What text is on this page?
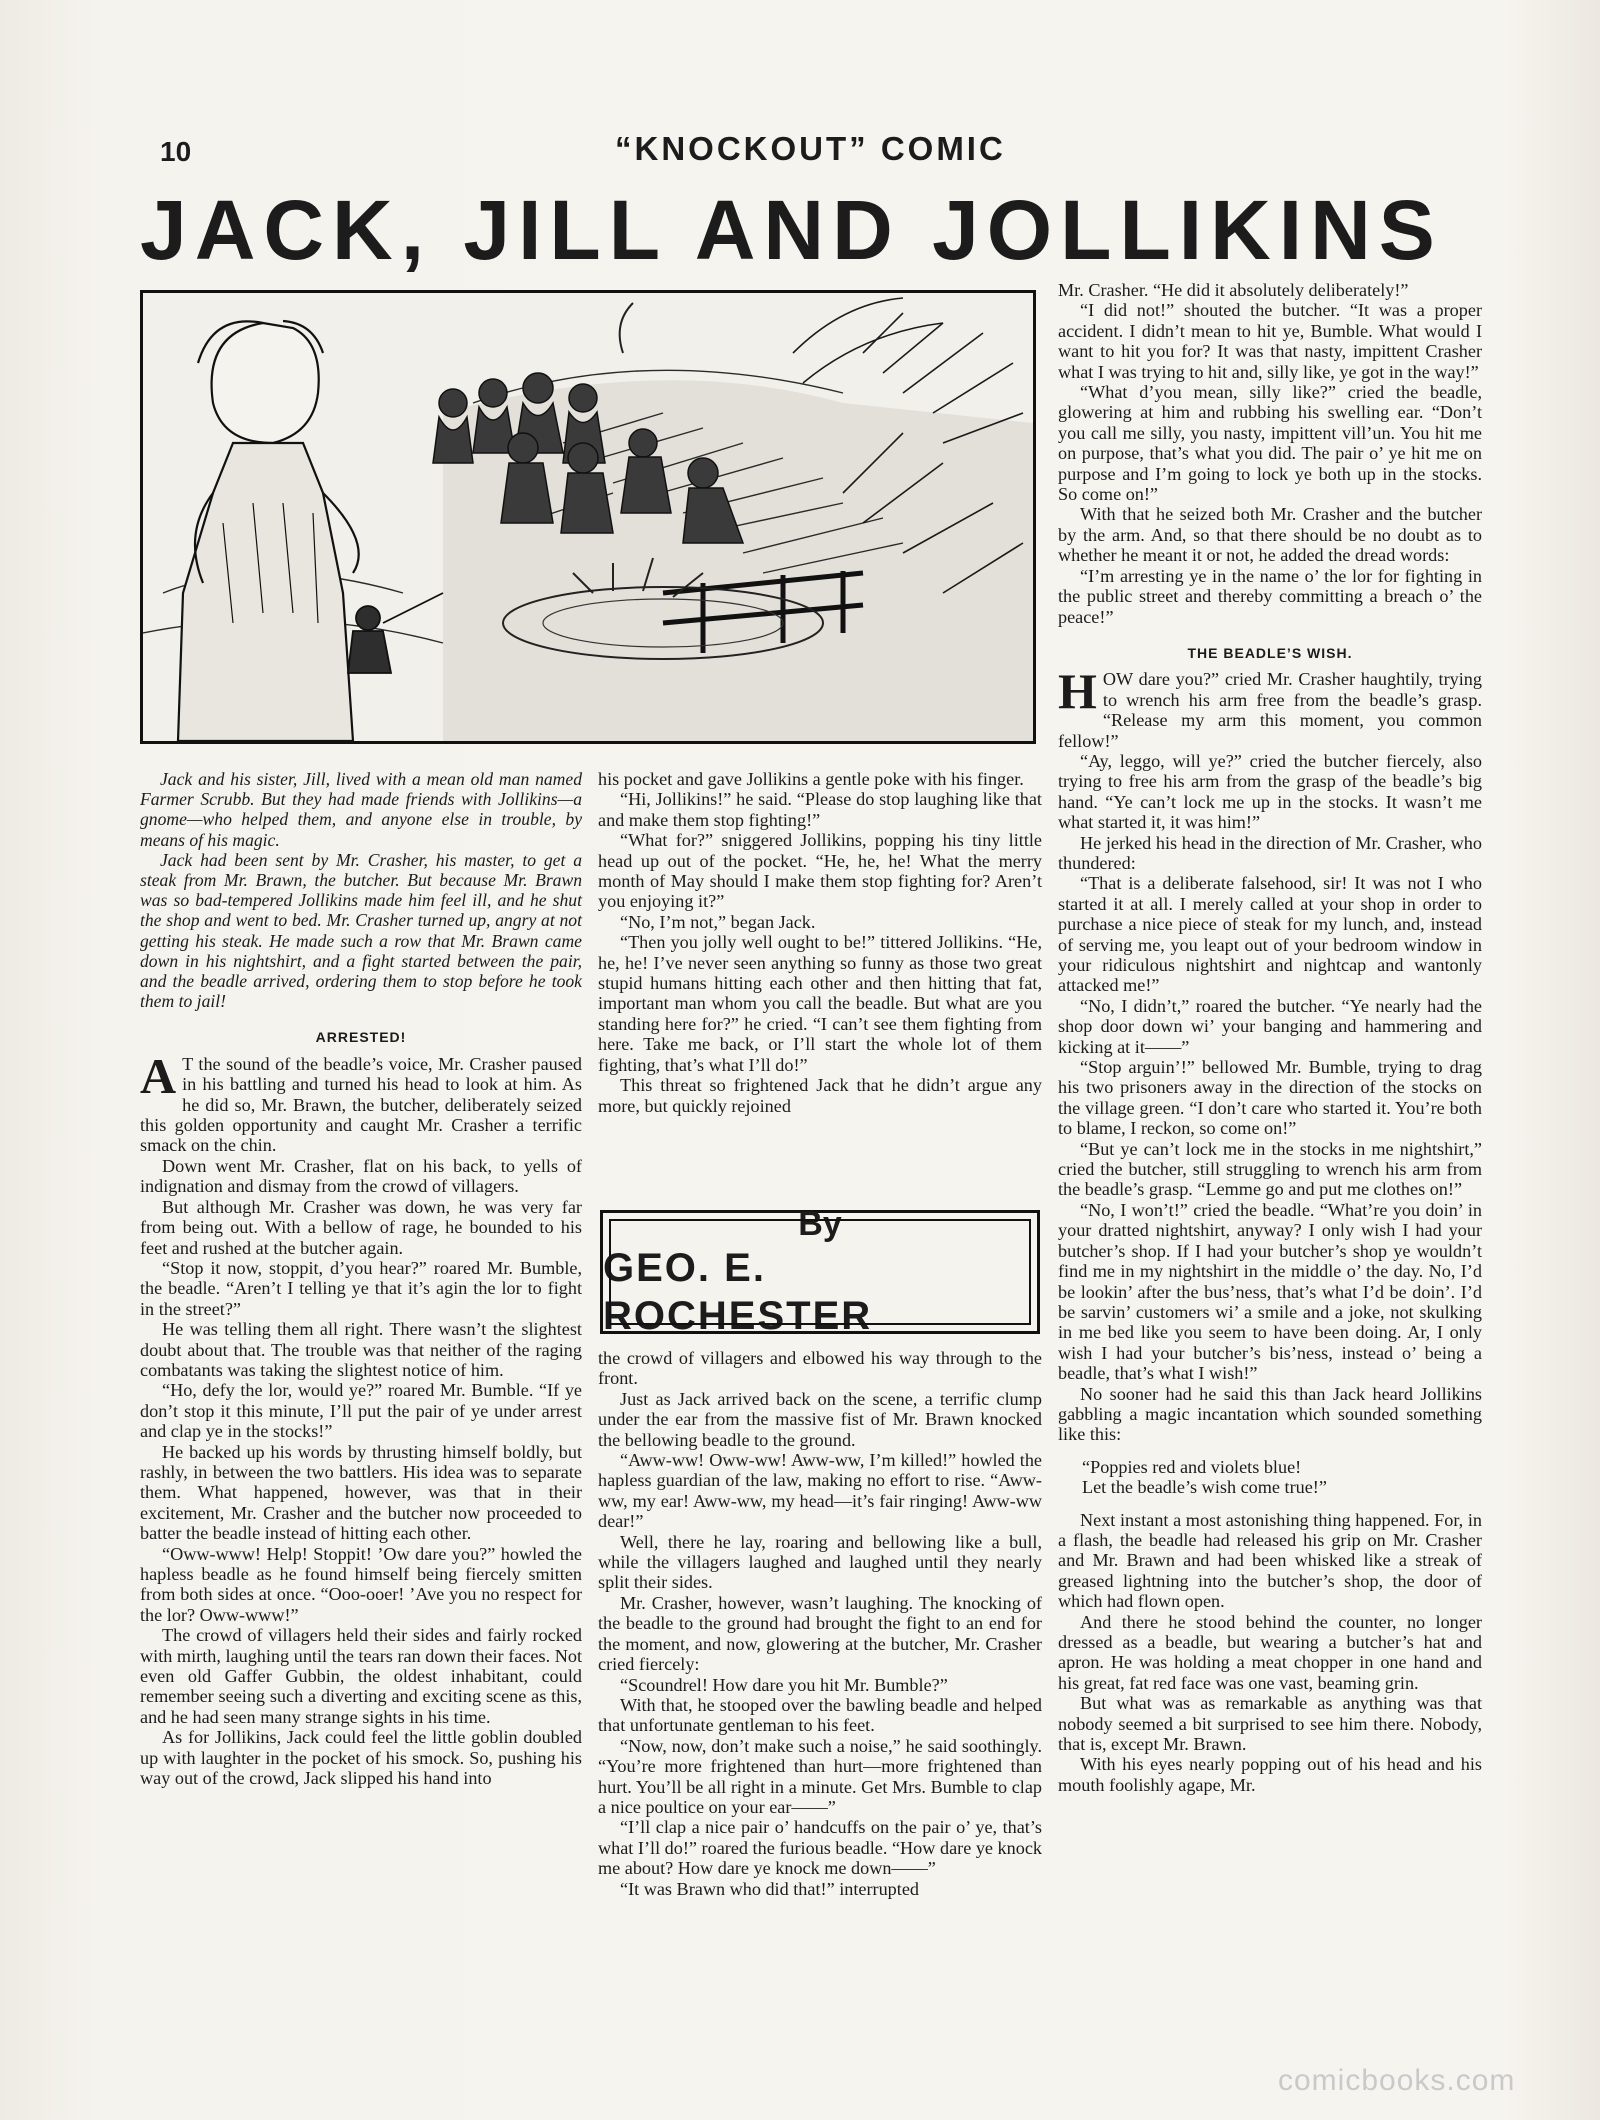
10	“KNOCKOUT” COMIC
JACK, JILL AND JOLLIKINS

Jack and his sister, Jill, lived with a mean old man named Farmer Scrubb. But they had made friends with Jollikins—a gnome—who helped them, and anyone else in trouble, by means of his magic.

Jack had been sent by Mr. Crasher, his master, to get a steak from Mr. Brawn, the butcher. But because Mr. Brawn was so bad-tempered Jollikins made him feel ill, and he shut the shop and went to bed. Mr. Crasher turned up, angry at not getting his steak. He made such a row that Mr. Brawn came down in his nightshirt, and a fight started between the pair, and the beadle arrived, ordering them to stop before he took them to jail!

ARRESTED!

A T the sound of the beadle’s voice, Mr. Crasher paused in his battling and turned his head to look at him. As he did so, Mr. Brawn, the butcher, deliberately seized this golden opportunity and caught Mr. Crasher a terrific smack on the chin.

Down went Mr. Crasher, flat on his back, to yells of indignation and dismay from the crowd of villagers.

But although Mr. Crasher was down, he was very far from being out. With a bellow of rage, he bounded to his feet and rushed at the butcher again.

“Stop it now, stoppit, d’you hear?” roared Mr. Bumble, the beadle. “Aren’t I telling ye that it’s agin the lor to fight in the street?”

He was telling them all right. There wasn’t the slightest doubt about that. The trouble was that neither of the raging combatants was taking the slightest notice of him.

“Ho, defy the lor, would ye?” roared Mr. Bumble. “If ye don’t stop it this minute, I’ll put the pair of ye under arrest and clap ye in the stocks!”

He backed up his words by thrusting himself boldly, but rashly, in between the two battlers. His idea was to separate them. What happened, however, was that in their excitement, Mr. Crasher and the butcher now proceeded to batter the beadle instead of hitting each other.

“Oww-www! Help! Stoppit! ’Ow dare you?” howled the hapless beadle as he found himself being fiercely smitten from both sides at once. “Ooo-ooer! ’Ave you no respect for the lor? Oww-www!”

The crowd of villagers held their sides and fairly rocked with mirth, laughing until the tears ran down their faces. Not even old Gaffer Gubbin, the oldest inhabitant, could remember seeing such a diverting and exciting scene as this, and he had seen many strange sights in his time.

As for Jollikins, Jack could feel the little goblin doubled up with laughter in the pocket of his smock. So, pushing his way out of the crowd, Jack slipped his hand into

his pocket and gave Jollikins a gentle poke with his finger.

“Hi, Jollikins!” he said. “Please do stop laughing like that and make them stop fighting!”

“What for?” sniggered Jollikins, popping his tiny little head up out of the pocket. “He, he, he! What the merry month of May should I make them stop fighting for? Aren’t you enjoying it?”

“No, I’m not,” began Jack.

“Then you jolly well ought to be!” tittered Jollikins. “He, he, he! I’ve never seen anything so funny as those two great stupid humans hitting each other and then hitting that fat, important man whom you call the beadle. But what are you standing here for?” he cried. “I can’t see them fighting from here. Take me back, or I’ll start the whole lot of them fighting, that’s what I’ll do!”

This threat so frightened Jack that he didn’t argue any more, but quickly rejoined

By
GEO. E. ROCHESTER

the crowd of villagers and elbowed his way through to the front.

Just as Jack arrived back on the scene, a terrific clump under the ear from the massive fist of Mr. Brawn knocked the bellowing beadle to the ground.

“Aww-ww! Oww-ww! Aww-ww, I’m killed!” howled the hapless guardian of the law, making no effort to rise. “Aww-ww, my ear! Aww-ww, my head—it’s fair ringing! Aww-ww dear!”

Well, there he lay, roaring and bellowing like a bull, while the villagers laughed and laughed until they nearly split their sides.

Mr. Crasher, however, wasn’t laughing. The knocking of the beadle to the ground had brought the fight to an end for the moment, and now, glowering at the butcher, Mr. Crasher cried fiercely:

“Scoundrel! How dare you hit Mr. Bumble?”

With that, he stooped over the bawling beadle and helped that unfortunate gentleman to his feet.

“Now, now, don’t make such a noise,” he said soothingly. “You’re more frightened than hurt—more frightened than hurt. You’ll be all right in a minute. Get Mrs. Bumble to clap a nice poultice on your ear——”

“I’ll clap a nice pair o’ handcuffs on the pair o’ ye, that’s what I’ll do!” roared the furious beadle. “How dare ye knock me about? How dare ye knock me down——”

“It was Brawn who did that!” interrupted

Mr. Crasher. “He did it absolutely deliberately!”

“I did not!” shouted the butcher. “It was a proper accident. I didn’t mean to hit ye, Bumble. What would I want to hit you for? It was that nasty, impittent Crasher what I was trying to hit and, silly like, ye got in the way!”

“What d’you mean, silly like?” cried the beadle, glowering at him and rubbing his swelling ear. “Don’t you call me silly, you nasty, impittent vill’un. You hit me on purpose, that’s what you did. The pair o’ ye hit me on purpose and I’m going to lock ye both up in the stocks. So come on!”

With that he seized both Mr. Crasher and the butcher by the arm. And, so that there should be no doubt as to whether he meant it or not, he added the dread words:

“I’m arresting ye in the name o’ the lor for fighting in the public street and thereby committing a breach o’ the peace!”

THE BEADLE’S WISH.

HOW dare you?” cried Mr. Crasher haughtily, trying to wrench his arm free from the beadle’s grasp. “Release my arm this moment, you common fellow!”

“Ay, leggo, will ye?” cried the butcher fiercely, also trying to free his arm from the grasp of the beadle’s big hand. “Ye can’t lock me up in the stocks. It wasn’t me what started it, it was him!”

He jerked his head in the direction of Mr. Crasher, who thundered:

“That is a deliberate falsehood, sir! It was not I who started it at all. I merely called at your shop in order to purchase a nice piece of steak for my lunch, and, instead of serving me, you leapt out of your bedroom window in your ridiculous nightshirt and nightcap and wantonly attacked me!”

“No, I didn’t,” roared the butcher. “Ye nearly had the shop door down wi’ your banging and hammering and kicking at it——”

“Stop arguin’!” bellowed Mr. Bumble, trying to drag his two prisoners away in the direction of the stocks on the village green. “I don’t care who started it. You’re both to blame, I reckon, so come on!”

“But ye can’t lock me in the stocks in me nightshirt,” cried the butcher, still struggling to wrench his arm from the beadle’s grasp. “Lemme go and put me clothes on!”

“No, I won’t!” cried the beadle. “What’re you doin’ in your dratted nightshirt, anyway? I only wish I had your butcher’s shop. If I had your butcher’s shop ye wouldn’t find me in my nightshirt in the middle o’ the day. No, I’d be lookin’ after the bus’ness, that’s what I’d be doin’. I’d be sarvin’ customers wi’ a smile and a joke, not skulking in me bed like you seem to have been doing. Ar, I only wish I had your butcher’s bis’ness, instead o’ being a beadle, that’s what I wish!”

No sooner had he said this than Jack heard Jollikins gabbling a magic incantation which sounded something like this:

“Poppies red and violets blue!
Let the beadle’s wish come true!”

Next instant a most astonishing thing happened. For, in a flash, the beadle had released his grip on Mr. Crasher and Mr. Brawn and had been whisked like a streak of greased lightning into the butcher’s shop, the door of which had flown open.

And there he stood behind the counter, no longer dressed as a beadle, but wearing a butcher’s hat and apron. He was holding a meat chopper in one hand and his great, fat red face was one vast, beaming grin.

But what was as remarkable as anything was that nobody seemed a bit surprised to see him there. Nobody, that is, except Mr. Brawn.

With his eyes nearly popping out of his head and his mouth foolishly agape, Mr.

comicbooks.com
